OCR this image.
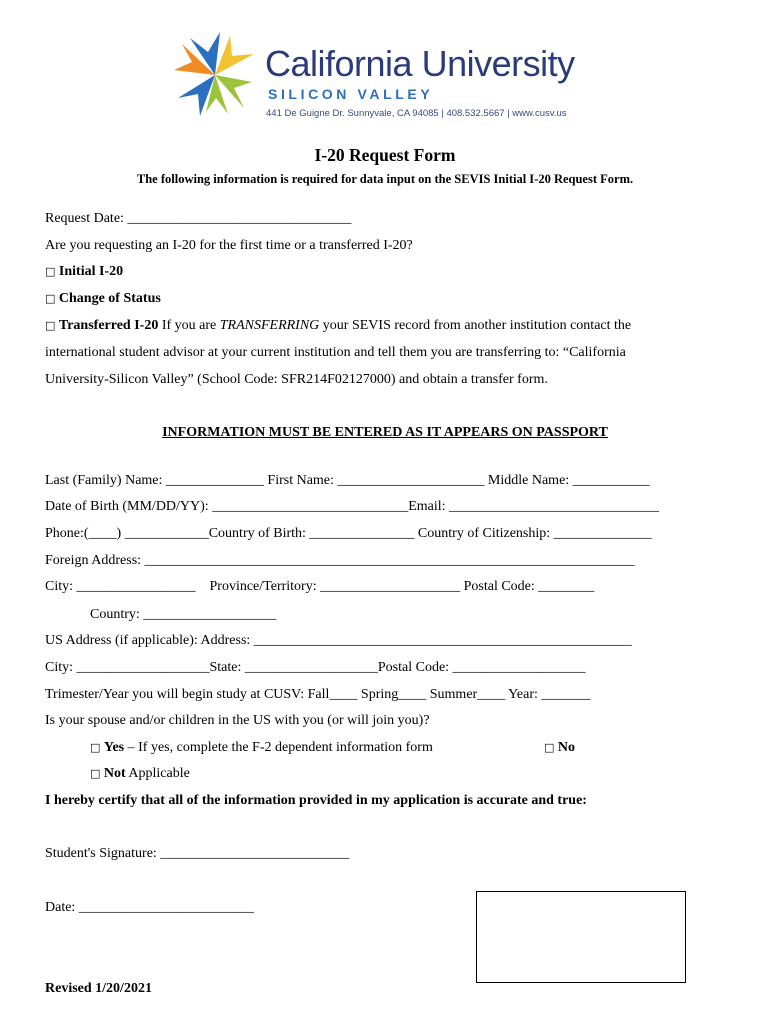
California University
SILICON VALLEY
441 De Guigne Dr. Sunnyvale, CA 94085 | 408.532.5667 | www.cusv.us
I-20 Request Form
The following information is required for data input on the SEVIS Initial I-20 Request Form.
Request Date: ________________________________
Are you requesting an I-20 for the first time or a transferred I-20?
□ Initial I-20
□ Change of Status
□ Transferred I-20 If you are TRANSFERRING your SEVIS record from another institution contact the
international student advisor at your current institution and tell them you are transferring to: “California
University-Silicon Valley” (School Code: SFR214F02127000) and obtain a transfer form.
INFORMATION MUST BE ENTERED AS IT APPEARS ON PASSPORT
Last (Family) Name: ______________ First Name: _____________________ Middle Name: ___________
Date of Birth (MM/DD/YY): ____________________________Email: ______________________________
Phone:(____) ____________Country of Birth: _______________ Country of Citizenship: ______________
Foreign Address: ______________________________________________________________________
City: _________________    Province/Territory: ____________________ Postal Code: ________
Country: ___________________
US Address (if applicable): Address: ______________________________________________________
City: ___________________State: ___________________Postal Code: ___________________
Trimester/Year you will begin study at CUSV: Fall____ Spring____ Summer____ Year: _______
Is your spouse and/or children in the US with you (or will join you)?
□ Yes – If yes, complete the F-2 dependent information form	□ No
□ Not Applicable
I hereby certify that all of the information provided in my application is accurate and true:
Student's Signature: ___________________________
Date: _________________________
Revised 1/20/2021
